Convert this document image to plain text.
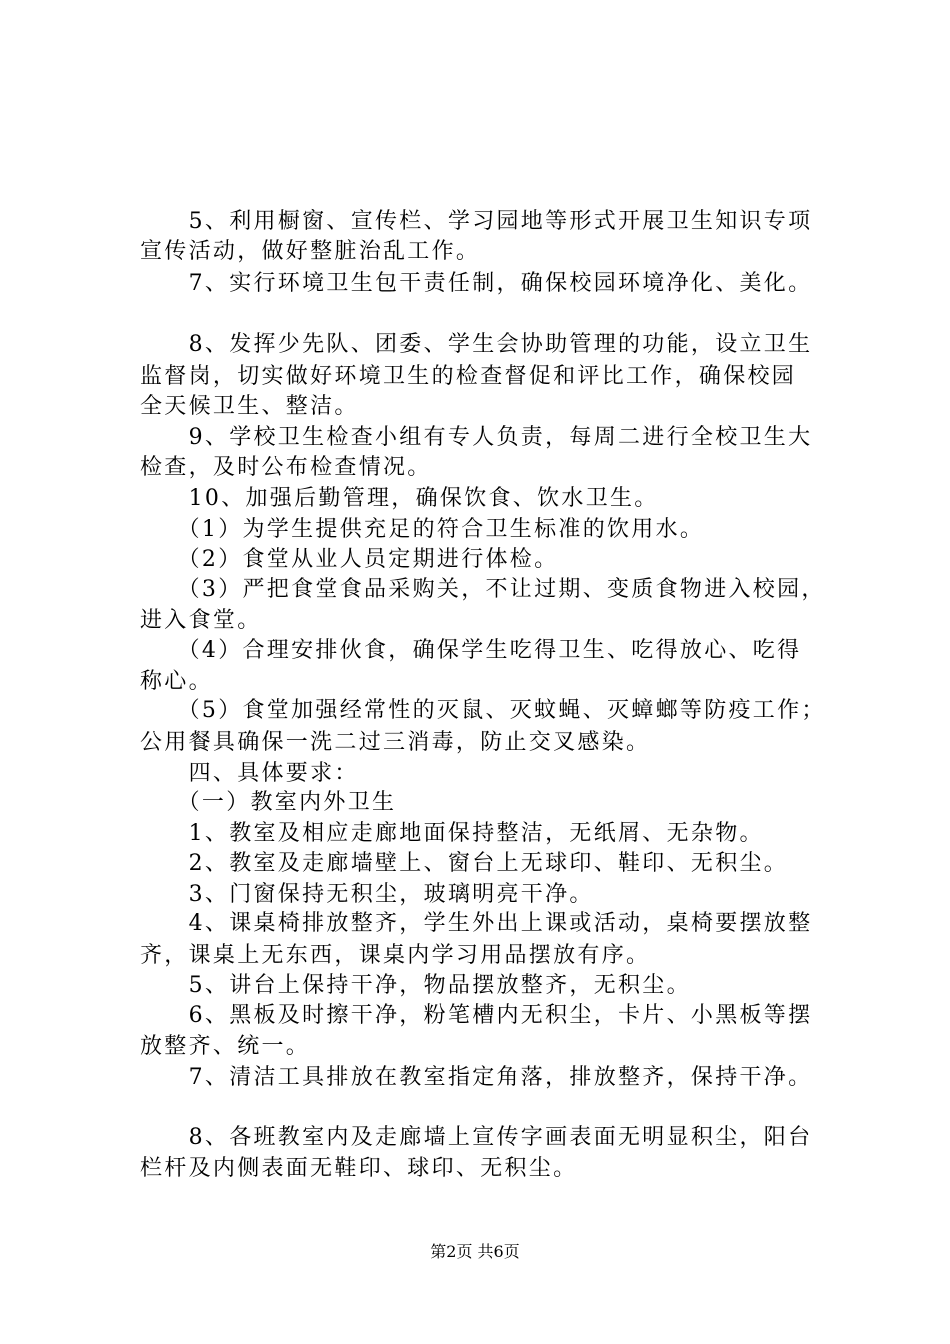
　　5、利用橱窗、宣传栏、学习园地等形式开展卫生知识专项
宣传活动，做好整脏治乱工作。
　　7、实行环境卫生包干责任制，确保校园环境净化、美化。
　　8、发挥少先队、团委、学生会协助管理的功能，设立卫生
监督岗，切实做好环境卫生的检查督促和评比工作，确保校园
全天候卫生、整洁。
　　9、学校卫生检查小组有专人负责，每周二进行全校卫生大
检查，及时公布检查情况。
　　10、加强后勤管理，确保饮食、饮水卫生。
　　（1）为学生提供充足的符合卫生标准的饮用水。
　　（2）食堂从业人员定期进行体检。
　　（3）严把食堂食品采购关，不让过期、变质食物进入校园，
进入食堂。
　　（4）合理安排伙食，确保学生吃得卫生、吃得放心、吃得
称心。
　　（5）食堂加强经常性的灭鼠、灭蚊蝇、灭蟑螂等防疫工作；
公用餐具确保一洗二过三消毒，防止交叉感染。
　　四、具体要求：
　　（一）教室内外卫生
　　1、教室及相应走廊地面保持整洁，无纸屑、无杂物。
　　2、教室及走廊墙壁上、窗台上无球印、鞋印、无积尘。
　　3、门窗保持无积尘，玻璃明亮干净。
　　4、课桌椅排放整齐，学生外出上课或活动，桌椅要摆放整
齐，课桌上无东西，课桌内学习用品摆放有序。
　　5、讲台上保持干净，物品摆放整齐，无积尘。
　　6、黑板及时擦干净，粉笔槽内无积尘，卡片、小黑板等摆
放整齐、统一。
　　7、清洁工具排放在教室指定角落，排放整齐，保持干净。
　　8、各班教室内及走廊墙上宣传字画表面无明显积尘，阳台
栏杆及内侧表面无鞋印、球印、无积尘。
第2页 共6页
